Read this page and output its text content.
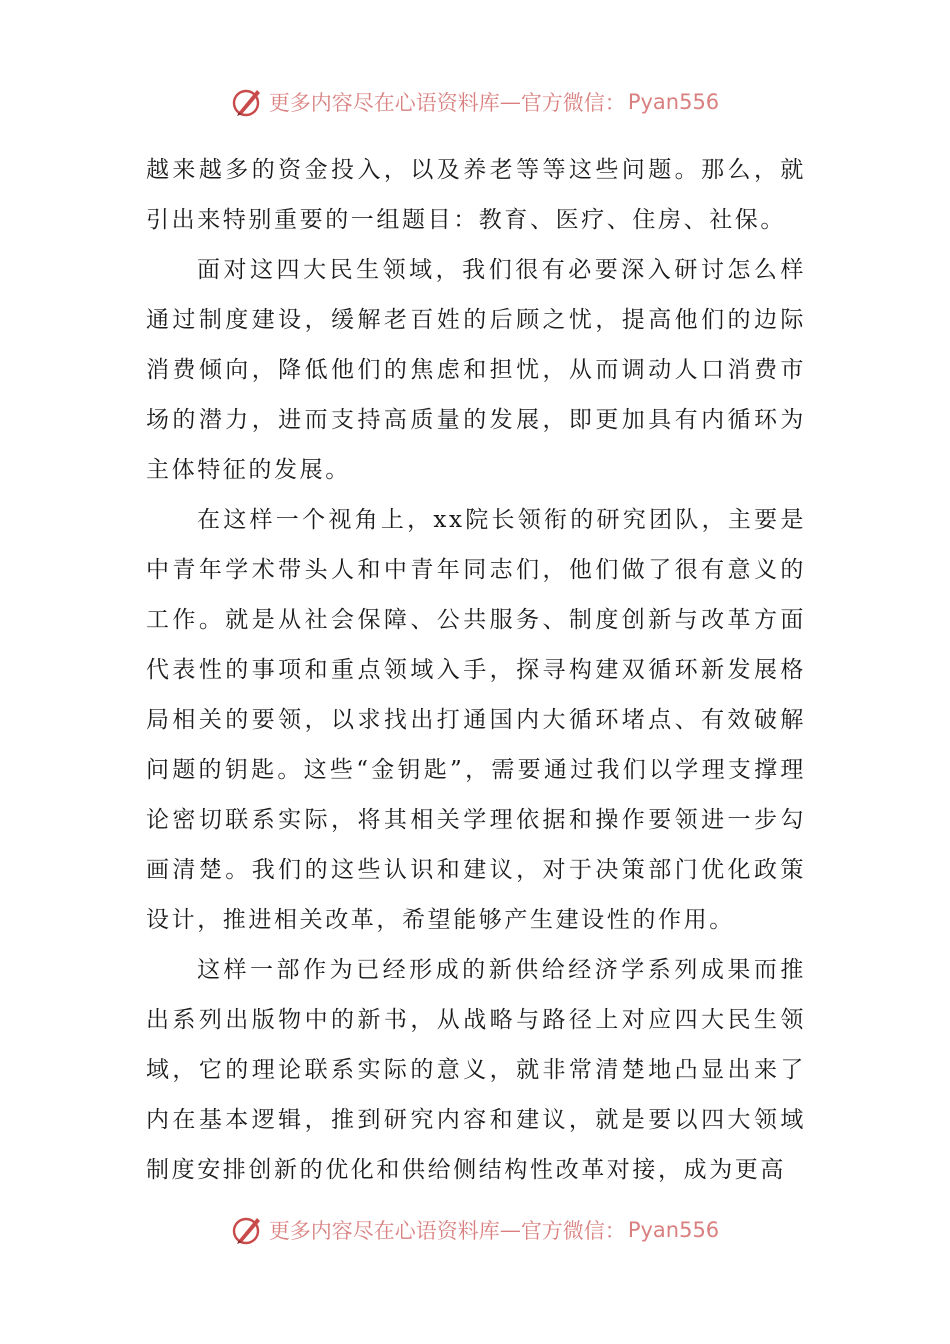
更多内容尽在心语资料库 — 官方微信： Pyan556

越来越多的资金投入，以及养老等等这些问题。那么，就引出来特别重要的一组题目：教育、医疗、住房、社保。

面对这四大民生领域，我们很有必要深入研讨怎么样通过制度建设，缓解老百姓的后顾之忧，提高他们的边际消费倾向，降低他们的焦虑和担忧，从而调动人口消费市场的潜力，进而支持高质量的发展，即更加具有内循环为主体特征的发展。

在这样一个视角上，xx院长领衔的研究团队，主要是中青年学术带头人和中青年同志们，他们做了很有意义的工作。就是从社会保障、公共服务、制度创新与改革方面代表性的事项和重点领域入手，探寻构建双循环新发展格局相关的要领，以求找出打通国内大循环堵点、有效破解问题的钥匙。这些“金钥匙”，需要通过我们以学理支撑理论密切联系实际，将其相关学理依据和操作要领进一步勾画清楚。我们的这些认识和建议，对于决策部门优化政策设计，推进相关改革，希望能够产生建设性的作用。

这样一部作为已经形成的新供给经济学系列成果而推出系列出版物中的新书，从战略与路径上对应四大民生领域，它的理论联系实际的意义，就非常清楚地凸显出来了内在基本逻辑，推到研究内容和建议，就是要以四大领域制度安排创新的优化和供给侧结构性改革对接，成为更高

更多内容尽在心语资料库 — 官方微信： Pyan556
